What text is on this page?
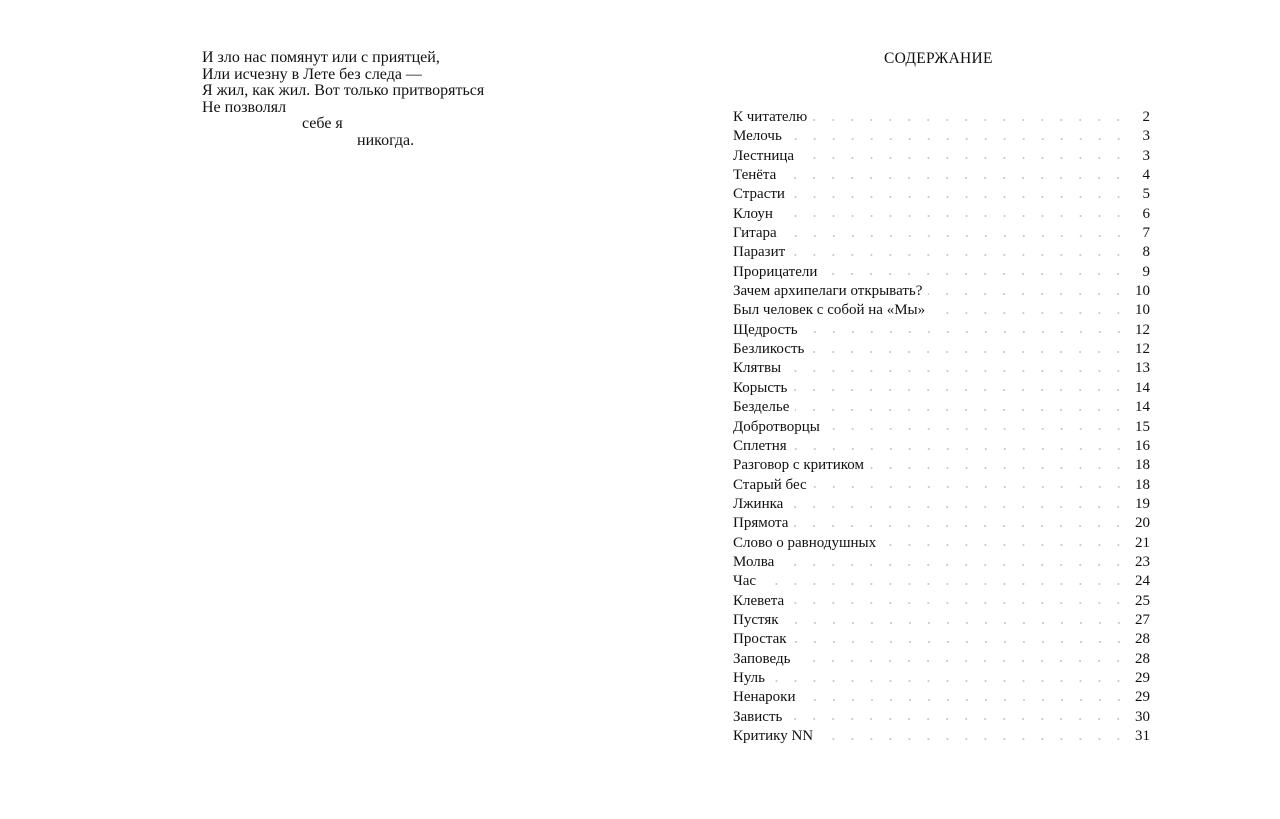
И зло нас помянут или с приятцей,
Или исчезну в Лете без следа —
Я жил, как жил. Вот только притворяться
Не позволял
себе я
никогда.
СОДЕРЖАНИЕ
К читателю	2
Мелочь	3
Лестница	3
Тенёта	4
Страсти	5
Клоун	6
Гитара	7
Паразит	8
Прорицатели	9
Зачем архипелаги открывать?	10
Был человек с собой на «Мы»	10
Щедрость	12
Безликость	12
Клятвы	13
Корысть	14
Безделье	14
Добротворцы	15
Сплетня	16
Разговор с критиком	18
Старый бес	18
Лжинка	19
Прямота	20
Слово о равнодушных	21
Молва	23
Час	24
Клевета	25
Пустяк	27
Простак	28
Заповедь	28
Нуль	29
Ненароки	29
Зависть	30
Критику NN	31
